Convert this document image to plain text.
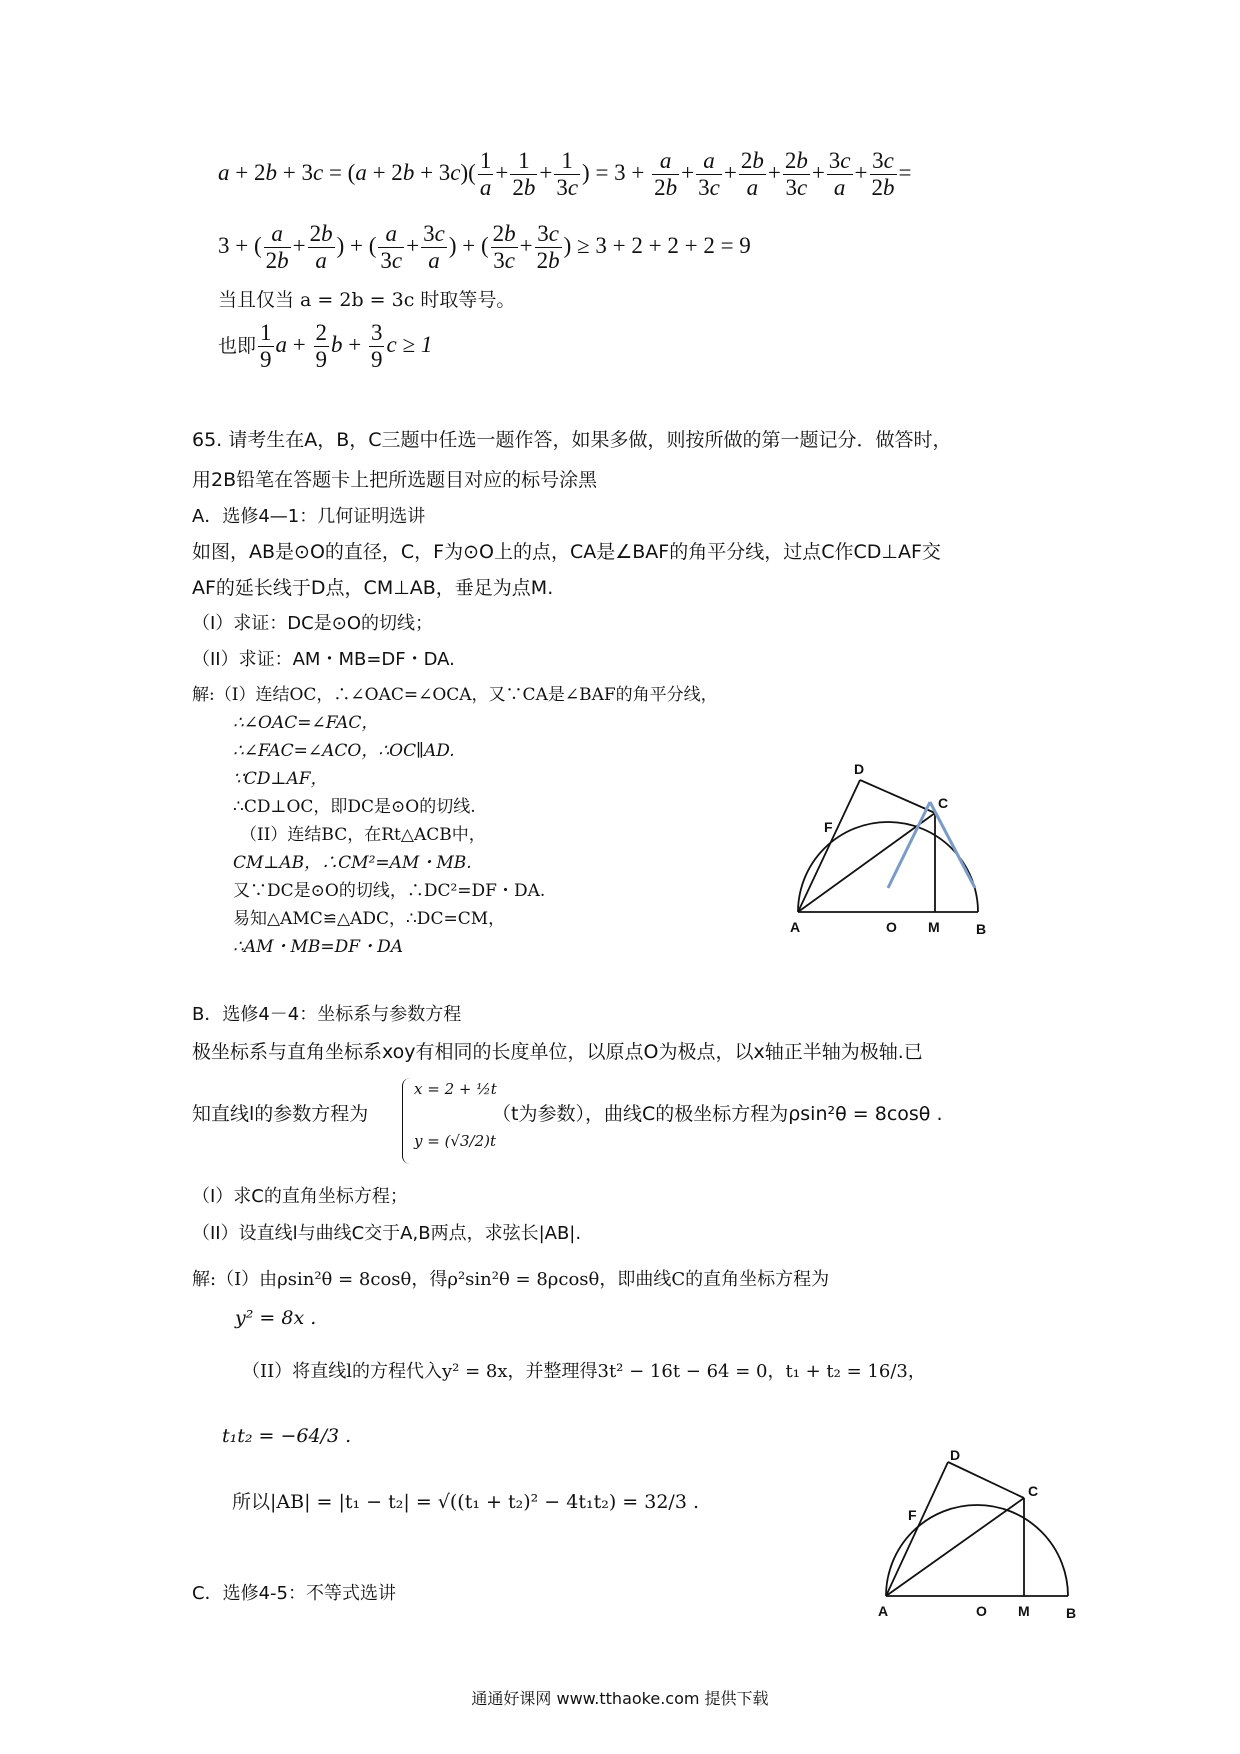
$a + 2b + 3c = (a + 2b + 3c)( \frac{1}{a} + \frac{1}{2b} + \frac{1}{3c}$ ) = $3 + \frac{a}{2b} + \frac{a}{3c} + \frac{2b}{a} + \frac{2b}{3c} + \frac{3c}{a} + \frac{3c}{2b}$ =
3 + ( $\frac{a}{2b} + \frac{2b}{a}$ ) + ( $\frac{a}{3c} + \frac{3c}{a}$ ) + ( $\frac{2b}{3c} + \frac{3c}{2b}$ ) ≥ 3 + 2 + 2 + 2 = 9
当且仅当 a = 2b = 3c 时取等号。
也即 $\frac{1}{9}$ $a + \frac{2}{9}$ $b + \frac{3}{9}$ c ≥ 1
65. 请考生在A，B，C三题中任选一题作答，如果多做，则按所做的第一题记分．做答时，
用2B铅笔在答题卡上把所选题目对应的标号涂黑
A．选修4—1：几何证明选讲
如图，AB是⊙O的直径，C，F为⊙O上的点，CA是∠BAF的角平分线，过点C作CD⊥AF交
AF的延长线于D点，CM⊥AB，垂足为点M.
（I）求证：DC是⊙O的切线；
（II）求证：AM・MB=DF・DA.
解:（I）连结OC，∴∠OAC=∠OCA，又∵CA是∠BAF的角平分线，
∴∠OAC=∠FAC，
∴∠FAC=∠ACO，∴OC∥AD.
∵CD⊥AF，
∴CD⊥OC，即DC是⊙O的切线.
（II）连结BC，在Rt△ACB中，
CM⊥AB，∴CM²=AM・MB.
又∵DC是⊙O的切线，∴DC²=DF・DA.
易知△AMC≌△ADC，∴DC=CM，
∴AM・MB=DF・DA
A	O M	B
C
D
F
B．选修4－4：坐标系与参数方程
极坐标系与直角坐标系xoy有相同的长度单位，以原点O为极点，以x轴正半轴为极轴.已
知直线l的参数方程为
x = 2 + ½t
y = (√3/2)t
（t为参数），曲线C的极坐标方程为ρsin²θ = 8cosθ .
（I）求C的直角坐标方程；
（II）设直线l与曲线C交于A,B两点，求弦长|AB|.
解:（I）由ρsin²θ = 8cosθ，得ρ²sin²θ = 8ρcosθ，即曲线C的直角坐标方程为
y² = 8x .
（II）将直线l的方程代入y² = 8x，并整理得3t² − 16t − 64 = 0，t₁ + t₂ = 16/3，
t₁t₂ = −64/3 .
所以|AB| = |t₁ − t₂| = √((t₁ + t₂)² − 4t₁t₂) = 32/3 .
A	O M	B
C
D
F
C．选修4-5：不等式选讲
通通好课网 www.tthaoke.com 提供下载
